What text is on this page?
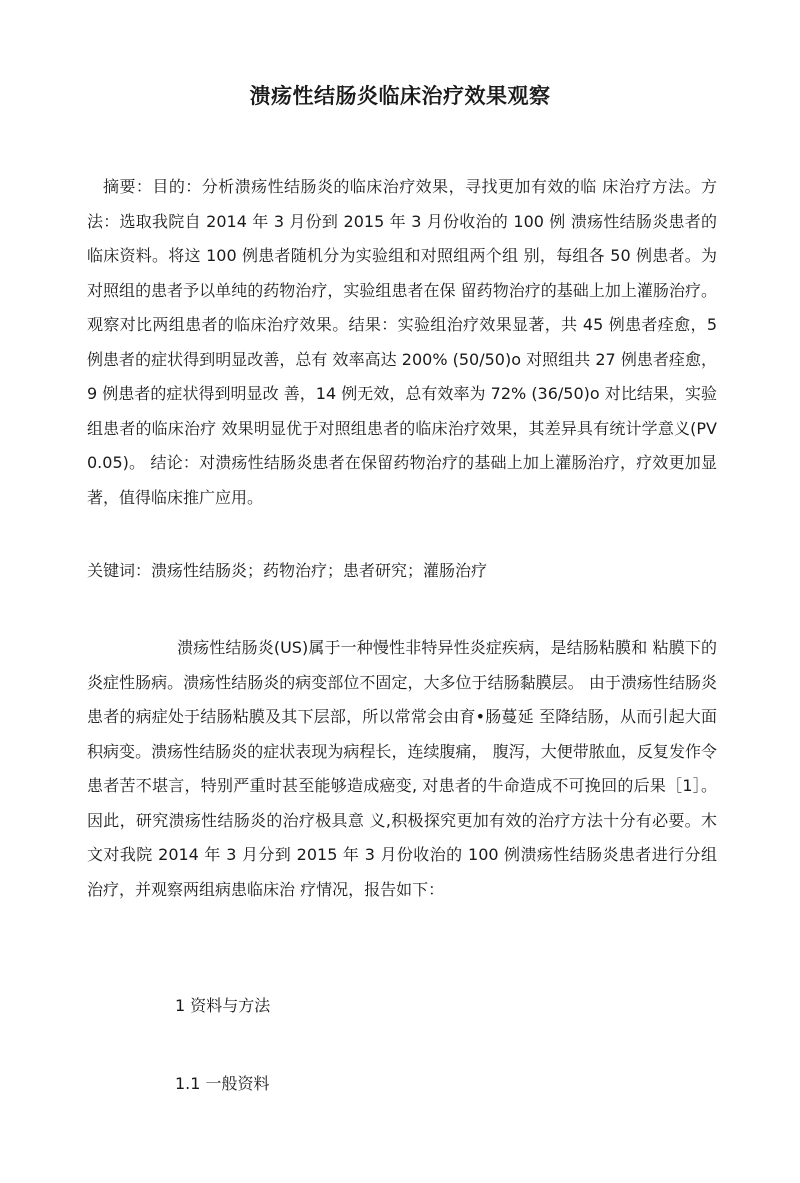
溃疡性结肠炎临床治疗效果观察

摘要：目的：分析溃疡性结肠炎的临床治疗效果，寻找更加有效的临 床治疗方法。方法：选取我院自 2014 年 3 月份到 2015 年 3 月份收治的 100 例 溃疡性结肠炎患者的临床资料。将这 100 例患者随机分为实验组和对照组两个组 别，每组各 50 例患者。为对照组的患者予以单纯的药物治疗，实验组患者在保 留药物治疗的基础上加上灌肠治疗。观察对比两组患者的临床治疗效果。结果：实验组治疗效果显著，共 45 例患者痊愈，5 例患者的症状得到明显改善，总有 效率高达 200% (50/50)o 对照组共 27 例患者痊愈，9 例患者的症状得到明显改 善，14 例无效，总有效率为 72% (36/50)o 对比结果，实验组患者的临床治疗 效果明显优于对照组患者的临床治疗效果，其差异具有统计学意义(PV0.05)。 结论：对溃疡性结肠炎患者在保留药物治疗的基础上加上灌肠治疗，疗效更加显 著，值得临床推广应用。

关键词：溃疡性结肠炎；药物治疗；患者研究；灌肠治疗

溃疡性结肠炎(US)属于一种慢性非特异性炎症疾病，是结肠粘膜和 粘膜下的炎症性肠病。溃疡性结肠炎的病变部位不固定，大多位于结肠黏膜层。 由于溃疡性结肠炎患者的病症处于结肠粘膜及其下层部，所以常常会由育•肠蔓延 至降结肠，从而引起大面积病变。溃疡性结肠炎的症状表现为病程长，连续腹痛， 腹泻，大便带脓血，反复发作令患者苦不堪言，特别严重时甚至能够造成癌变, 对患者的牛命造成不可挽回的后果［1］。因此，研究溃疡性结肠炎的治疗极具意 义,积极探究更加有效的治疗方法十分有必要。木文对我院 2014 年 3 月分到 2015 年 3 月份收治的 100 例溃疡性结肠炎患者进行分组治疗，并观察两组病患临床治 疗情况，报告如下：

1 资料与方法
1.1 一般资料
